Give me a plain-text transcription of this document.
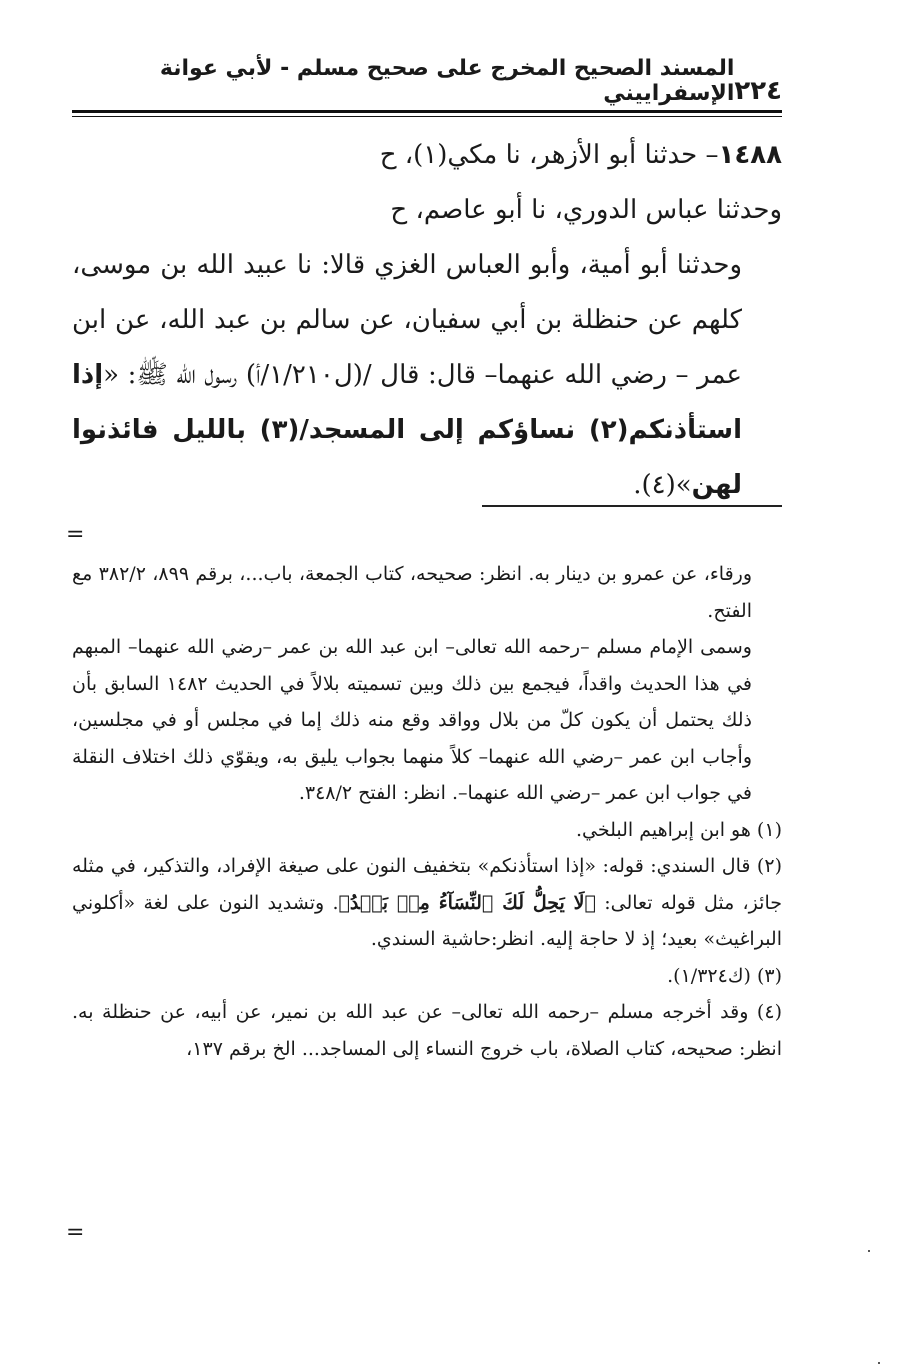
٢٢٤
المسند الصحيح المخرج على صحيح مسلم - لأبي عوانة الإسفراييني

١٤٨٨– حدثنا أبو الأزهر، نا مكي(١)، ح

وحدثنا عباس الدوري، نا أبو عاصم، ح

وحدثنا أبو أمية، وأبو العباس الغزي قالا: نا عبيد الله بن موسى، كلهم عن حنظلة بن أبي سفيان، عن سالم بن عبد الله، عن ابن عمر – رضي الله عنهما– قال: قال /(ل١/٢١٠/أ) رسول الله ﷺ: «إذا استأذنكم(٢) نساؤكم إلى المسجد/(٣) بالليل فائذنوا لهن»(٤).

=

ورقاء، عن عمرو بن دينار به. انظر: صحيحه، كتاب الجمعة، باب...، برقم ٨٩٩، ٣٨٢/٢ مع الفتح.

وسمى الإمام مسلم –رحمه الله تعالى– ابن عبد الله بن عمر –رضي الله عنهما– المبهم في هذا الحديث واقداً، فيجمع بين ذلك وبين تسميته بلالاً في الحديث ١٤٨٢ السابق بأن ذلك يحتمل أن يكون كلّ من بلال وواقد وقع منه ذلك إما في مجلس أو في مجلسين، وأجاب ابن عمر –رضي الله عنهما– كلاً منهما بجواب يليق به، ويقوّي ذلك اختلاف النقلة في جواب ابن عمر –رضي الله عنهما–. انظر: الفتح ٣٤٨/٢.

(١) هو ابن إبراهيم البلخي.

(٢) قال السندي: قوله: «إذا استأذنكم» بتخفيف النون على صيغة الإفراد، والتذكير، في مثله جائز، مثل قوله تعالى: ﴿لَا يَحِلُّ لَكَ ٱلنِّسَآءُ مِنۢ بَعۡدُ﴾. وتشديد النون على لغة «أكلوني البراغيث» بعيد؛ إذ لا حاجة إليه. انظر:حاشية السندي.

(٣) (ك١/٣٢٤).

(٤) وقد أخرجه مسلم –رحمه الله تعالى– عن عبد الله بن نمير، عن أبيه، عن حنظلة به. انظر: صحيحه، كتاب الصلاة، باب خروج النساء إلى المساجد... الخ برقم ١٣٧،

=
